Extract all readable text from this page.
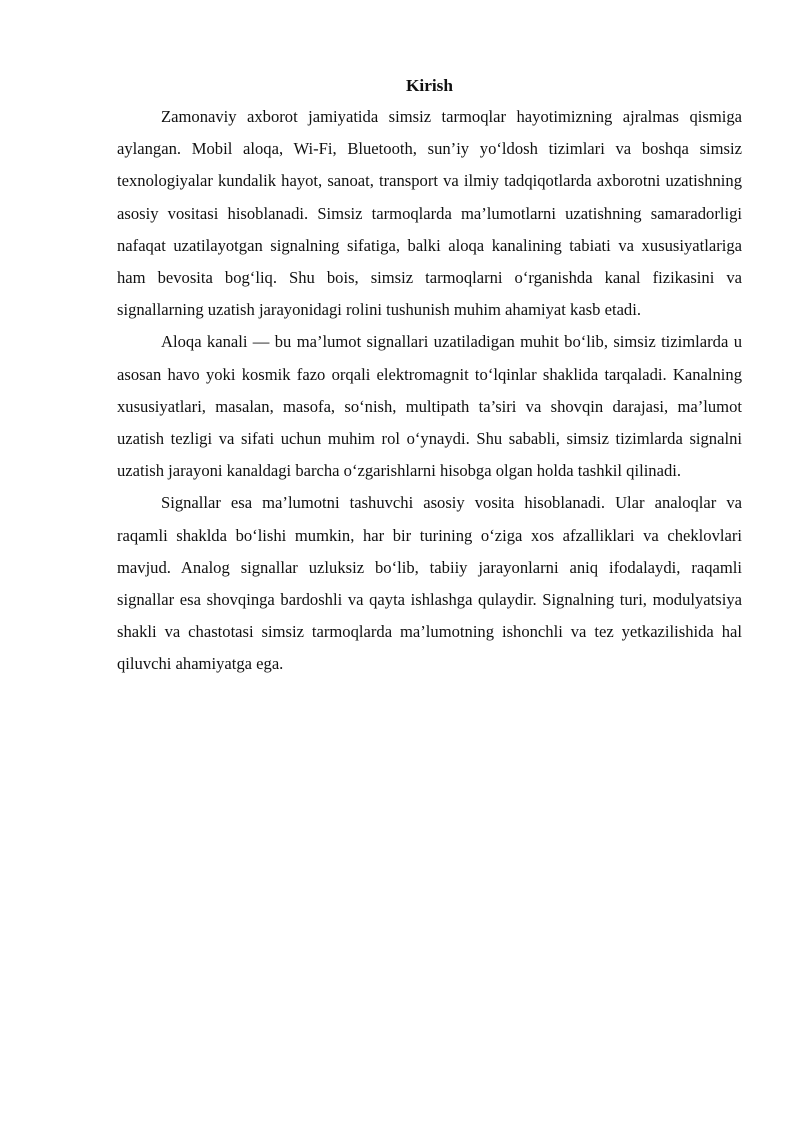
Kirish

Zamonaviy axborot jamiyatida simsiz tarmoqlar hayotimizning ajralmas qismiga aylangan. Mobil aloqa, Wi-Fi, Bluetooth, sun’iy yo‘ldosh tizimlari va boshqa simsiz texnologiyalar kundalik hayot, sanoat, transport va ilmiy tadqiqotlarda axborotni uzatishning asosiy vositasi hisoblanadi. Simsiz tarmoqlarda ma’lumotlarni uzatishning samaradorligi nafaqat uzatilayotgan signalning sifatiga, balki aloqa kanalining tabiati va xususiyatlariga ham bevosita bog‘liq. Shu bois, simsiz tarmoqlarni o‘rganishda kanal fizikasini va signallarning uzatish jarayonidagi rolini tushunish muhim ahamiyat kasb etadi.

Aloqa kanali — bu ma’lumot signallari uzatiladigan muhit bo‘lib, simsiz tizimlarda u asosan havo yoki kosmik fazo orqali elektromagnit to‘lqinlar shaklida tarqaladi. Kanalning xususiyatlari, masalan, masofa, so‘nish, multipath ta’siri va shovqin darajasi, ma’lumot uzatish tezligi va sifati uchun muhim rol o‘ynaydi. Shu sababli, simsiz tizimlarda signalni uzatish jarayoni kanaldagi barcha o‘zgarishlarni hisobga olgan holda tashkil qilinadi.

Signallar esa ma’lumotni tashuvchi asosiy vosita hisoblanadi. Ular analoqlar va raqamli shaklda bo‘lishi mumkin, har bir turining o‘ziga xos afzalliklari va cheklovlari mavjud. Analog signallar uzluksiz bo‘lib, tabiiy jarayonlarni aniq ifodalaydi, raqamli signallar esa shovqinga bardoshli va qayta ishlashga qulaydir. Signalning turi, modulyatsiya shakli va chastotasi simsiz tarmoqlarda ma’lumotning ishonchli va tez yetkazilishida hal qiluvchi ahamiyatga ega.
